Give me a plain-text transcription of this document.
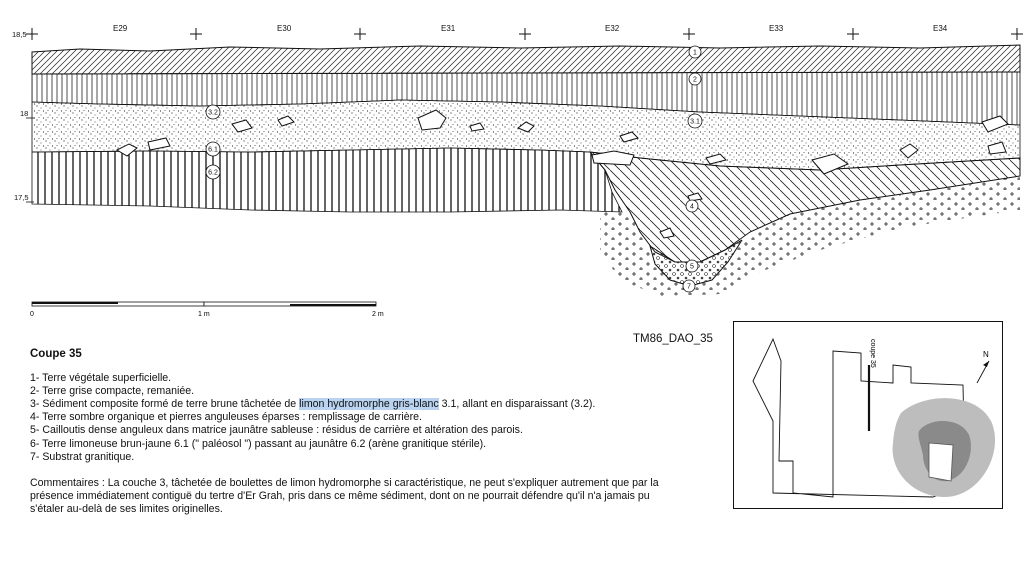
18,5
18
17,5
E29	E30	E31	E32	E33	E34
1
2
3.2
3.1
6.1
6.2
4
5
7
0	1 m	2 m
TM86_DAO_35	coupe 35	N
Coupe 35

1- Terre végétale superficielle.

2- Terre grise compacte, remaniée.

3- Sédiment composite formé de terre brune tâchetée de limon hydromorphe gris-blanc 3.1, allant en disparaissant (3.2).

4- Terre sombre organique et pierres anguleuses éparses : remplissage de carrière.

5- Cailloutis dense anguleux dans matrice jaunâtre sableuse : résidus de carrière et altération des parois.

6- Terre limoneuse brun-jaune 6.1 (" paléosol ") passant au jaunâtre 6.2 (arène granitique stérile).

7- Substrat granitique.

Commentaires : La couche 3, tâchetée de boulettes de limon hydromorphe si caractéristique, ne peut s'expliquer autrement que par la présence immédiatement contiguë du tertre d'Er Grah, pris dans ce même sédiment, dont on ne pourrait défendre qu'il n'a jamais pu s'étaler au-delà de ses limites originelles.
